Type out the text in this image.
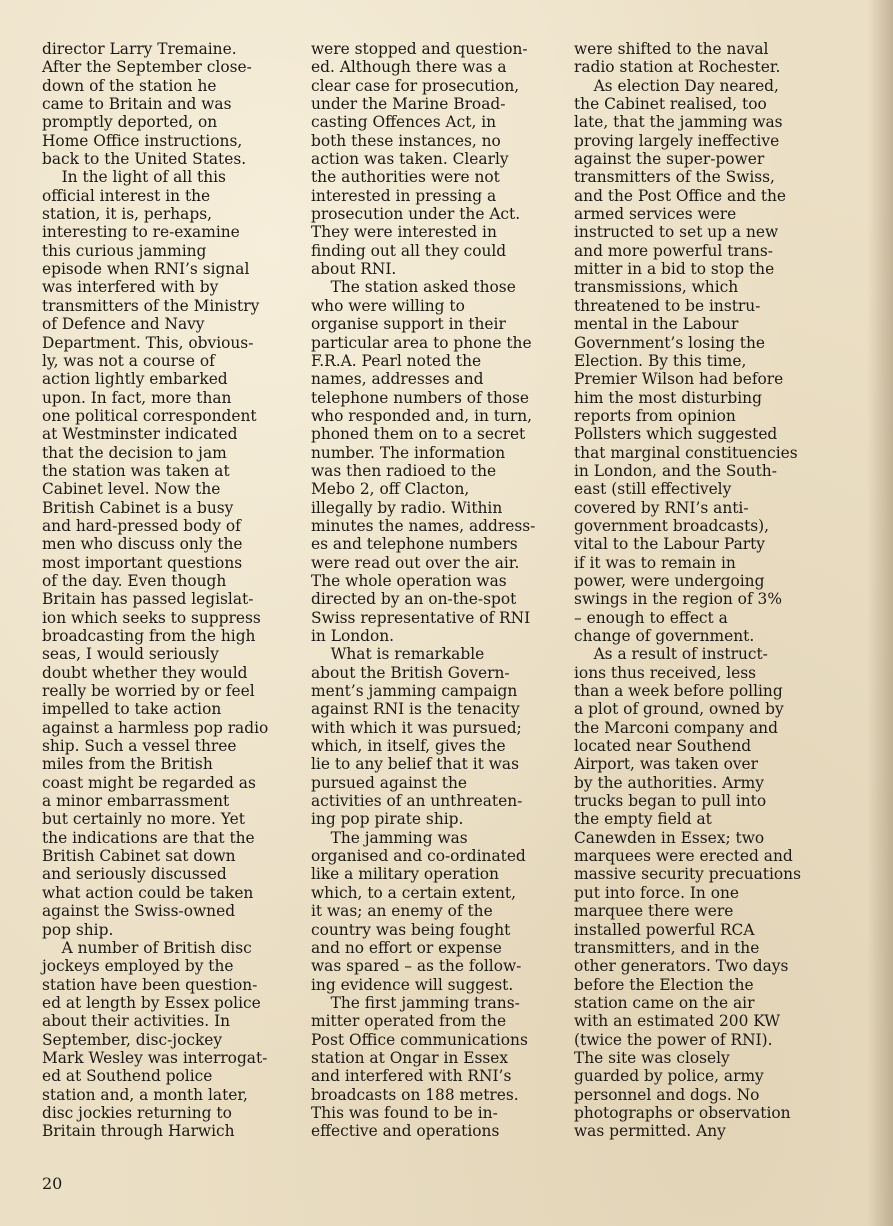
director Larry Tremaine.
After the September close-
down of the station he
came to Britain and was
promptly deported, on
Home Office instructions,
back to the United States.
In the light of all this
official interest in the
station, it is, perhaps,
interesting to re-examine
this curious jamming
episode when RNI’s signal
was interfered with by
transmitters of the Ministry
of Defence and Navy
Department. This, obvious-
ly, was not a course of
action lightly embarked
upon. In fact, more than
one political correspondent
at Westminster indicated
that the decision to jam
the station was taken at
Cabinet level. Now the
British Cabinet is a busy
and hard-pressed body of
men who discuss only the
most important questions
of the day. Even though
Britain has passed legislat-
ion which seeks to suppress
broadcasting from the high
seas, I would seriously
doubt whether they would
really be worried by or feel
impelled to take action
against a harmless pop radio
ship. Such a vessel three
miles from the British
coast might be regarded as
a minor embarrassment
but certainly no more. Yet
the indications are that the
British Cabinet sat down
and seriously discussed
what action could be taken
against the Swiss-owned
pop ship.
A number of British disc
jockeys employed by the
station have been question-
ed at length by Essex police
about their activities. In
September, disc-jockey
Mark Wesley was interrogat-
ed at Southend police
station and, a month later,
disc jockies returning to
Britain through Harwich
were stopped and question-
ed. Although there was a
clear case for prosecution,
under the Marine Broad-
casting Offences Act, in
both these instances, no
action was taken. Clearly
the authorities were not
interested in pressing a
prosecution under the Act.
They were interested in
finding out all they could
about RNI.
The station asked those
who were willing to
organise support in their
particular area to phone the
F.R.A. Pearl noted the
names, addresses and
telephone numbers of those
who responded and, in turn,
phoned them on to a secret
number. The information
was then radioed to the
Mebo 2, off Clacton,
illegally by radio. Within
minutes the names, address-
es and telephone numbers
were read out over the air.
The whole operation was
directed by an on-the-spot
Swiss representative of RNI
in London.
What is remarkable
about the British Govern-
ment’s jamming campaign
against RNI is the tenacity
with which it was pursued;
which, in itself, gives the
lie to any belief that it was
pursued against the
activities of an unthreaten-
ing pop pirate ship.
The jamming was
organised and co-ordinated
like a military operation
which, to a certain extent,
it was; an enemy of the
country was being fought
and no effort or expense
was spared – as the follow-
ing evidence will suggest.
The first jamming trans-
mitter operated from the
Post Office communications
station at Ongar in Essex
and interfered with RNI’s
broadcasts on 188 metres.
This was found to be in-
effective and operations
were shifted to the naval
radio station at Rochester.
As election Day neared,
the Cabinet realised, too
late, that the jamming was
proving largely ineffective
against the super-power
transmitters of the Swiss,
and the Post Office and the
armed services were
instructed to set up a new
and more powerful trans-
mitter in a bid to stop the
transmissions, which
threatened to be instru-
mental in the Labour
Government’s losing the
Election. By this time,
Premier Wilson had before
him the most disturbing
reports from opinion
Pollsters which suggested
that marginal constituencies
in London, and the South-
east (still effectively
covered by RNI’s anti-
government broadcasts),
vital to the Labour Party
if it was to remain in
power, were undergoing
swings in the region of 3%
– enough to effect a
change of government.
As a result of instruct-
ions thus received, less
than a week before polling
a plot of ground, owned by
the Marconi company and
located near Southend
Airport, was taken over
by the authorities. Army
trucks began to pull into
the empty field at
Canewden in Essex; two
marquees were erected and
massive security precuations
put into force. In one
marquee there were
installed powerful RCA
transmitters, and in the
other generators. Two days
before the Election the
station came on the air
with an estimated 200 KW
(twice the power of RNI).
The site was closely
guarded by police, army
personnel and dogs. No
photographs or observation
was permitted. Any
20
